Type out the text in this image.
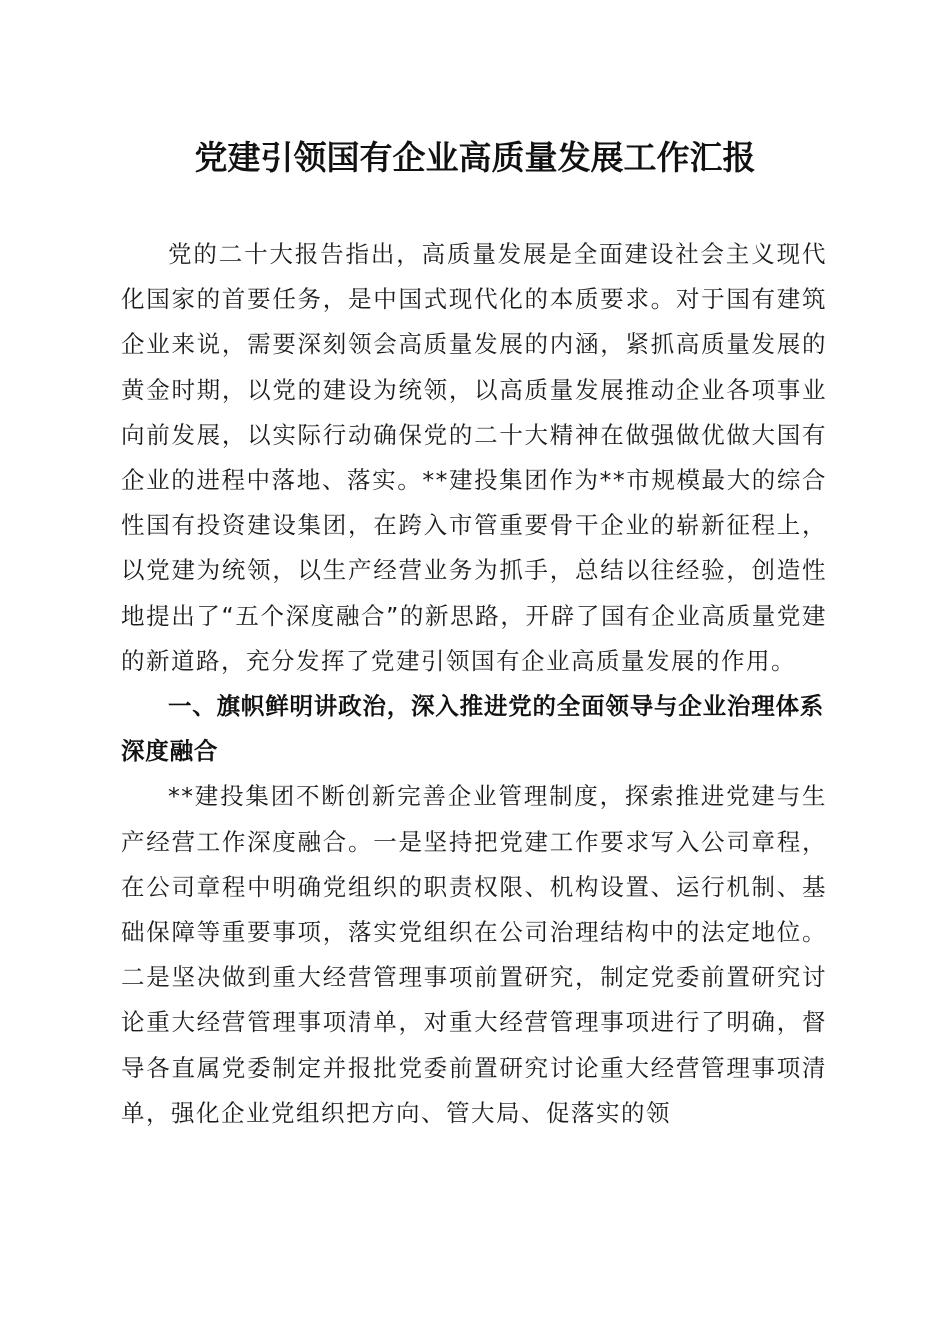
党建引领国有企业高质量发展工作汇报

党的二十大报告指出，高质量发展是全面建设社会主义现代化国家的首要任务，是中国式现代化的本质要求。对于国有建筑企业来说，需要深刻领会高质量发展的内涵，紧抓高质量发展的黄金时期，以党的建设为统领，以高质量发展推动企业各项事业向前发展，以实际行动确保党的二十大精神在做强做优做大国有企业的进程中落地、落实。**建投集团作为**市规模最大的综合性国有投资建设集团，在跨入市管重要骨干企业的崭新征程上，以党建为统领，以生产经营业务为抓手，总结以往经验，创造性地提出了“五个深度融合”的新思路，开辟了国有企业高质量党建的新道路，充分发挥了党建引领国有企业高质量发展的作用。

一、旗帜鲜明讲政治，深入推进党的全面领导与企业治理体系深度融合

**建投集团不断创新完善企业管理制度，探索推进党建与生产经营工作深度融合。一是坚持把党建工作要求写入公司章程，在公司章程中明确党组织的职责权限、机构设置、运行机制、基础保障等重要事项，落实党组织在公司治理结构中的法定地位。二是坚决做到重大经营管理事项前置研究，制定党委前置研究讨论重大经营管理事项清单，对重大经营管理事项进行了明确，督导各直属党委制定并报批党委前置研究讨论重大经营管理事项清单，强化企业党组织把方向、管大局、促落实的领
